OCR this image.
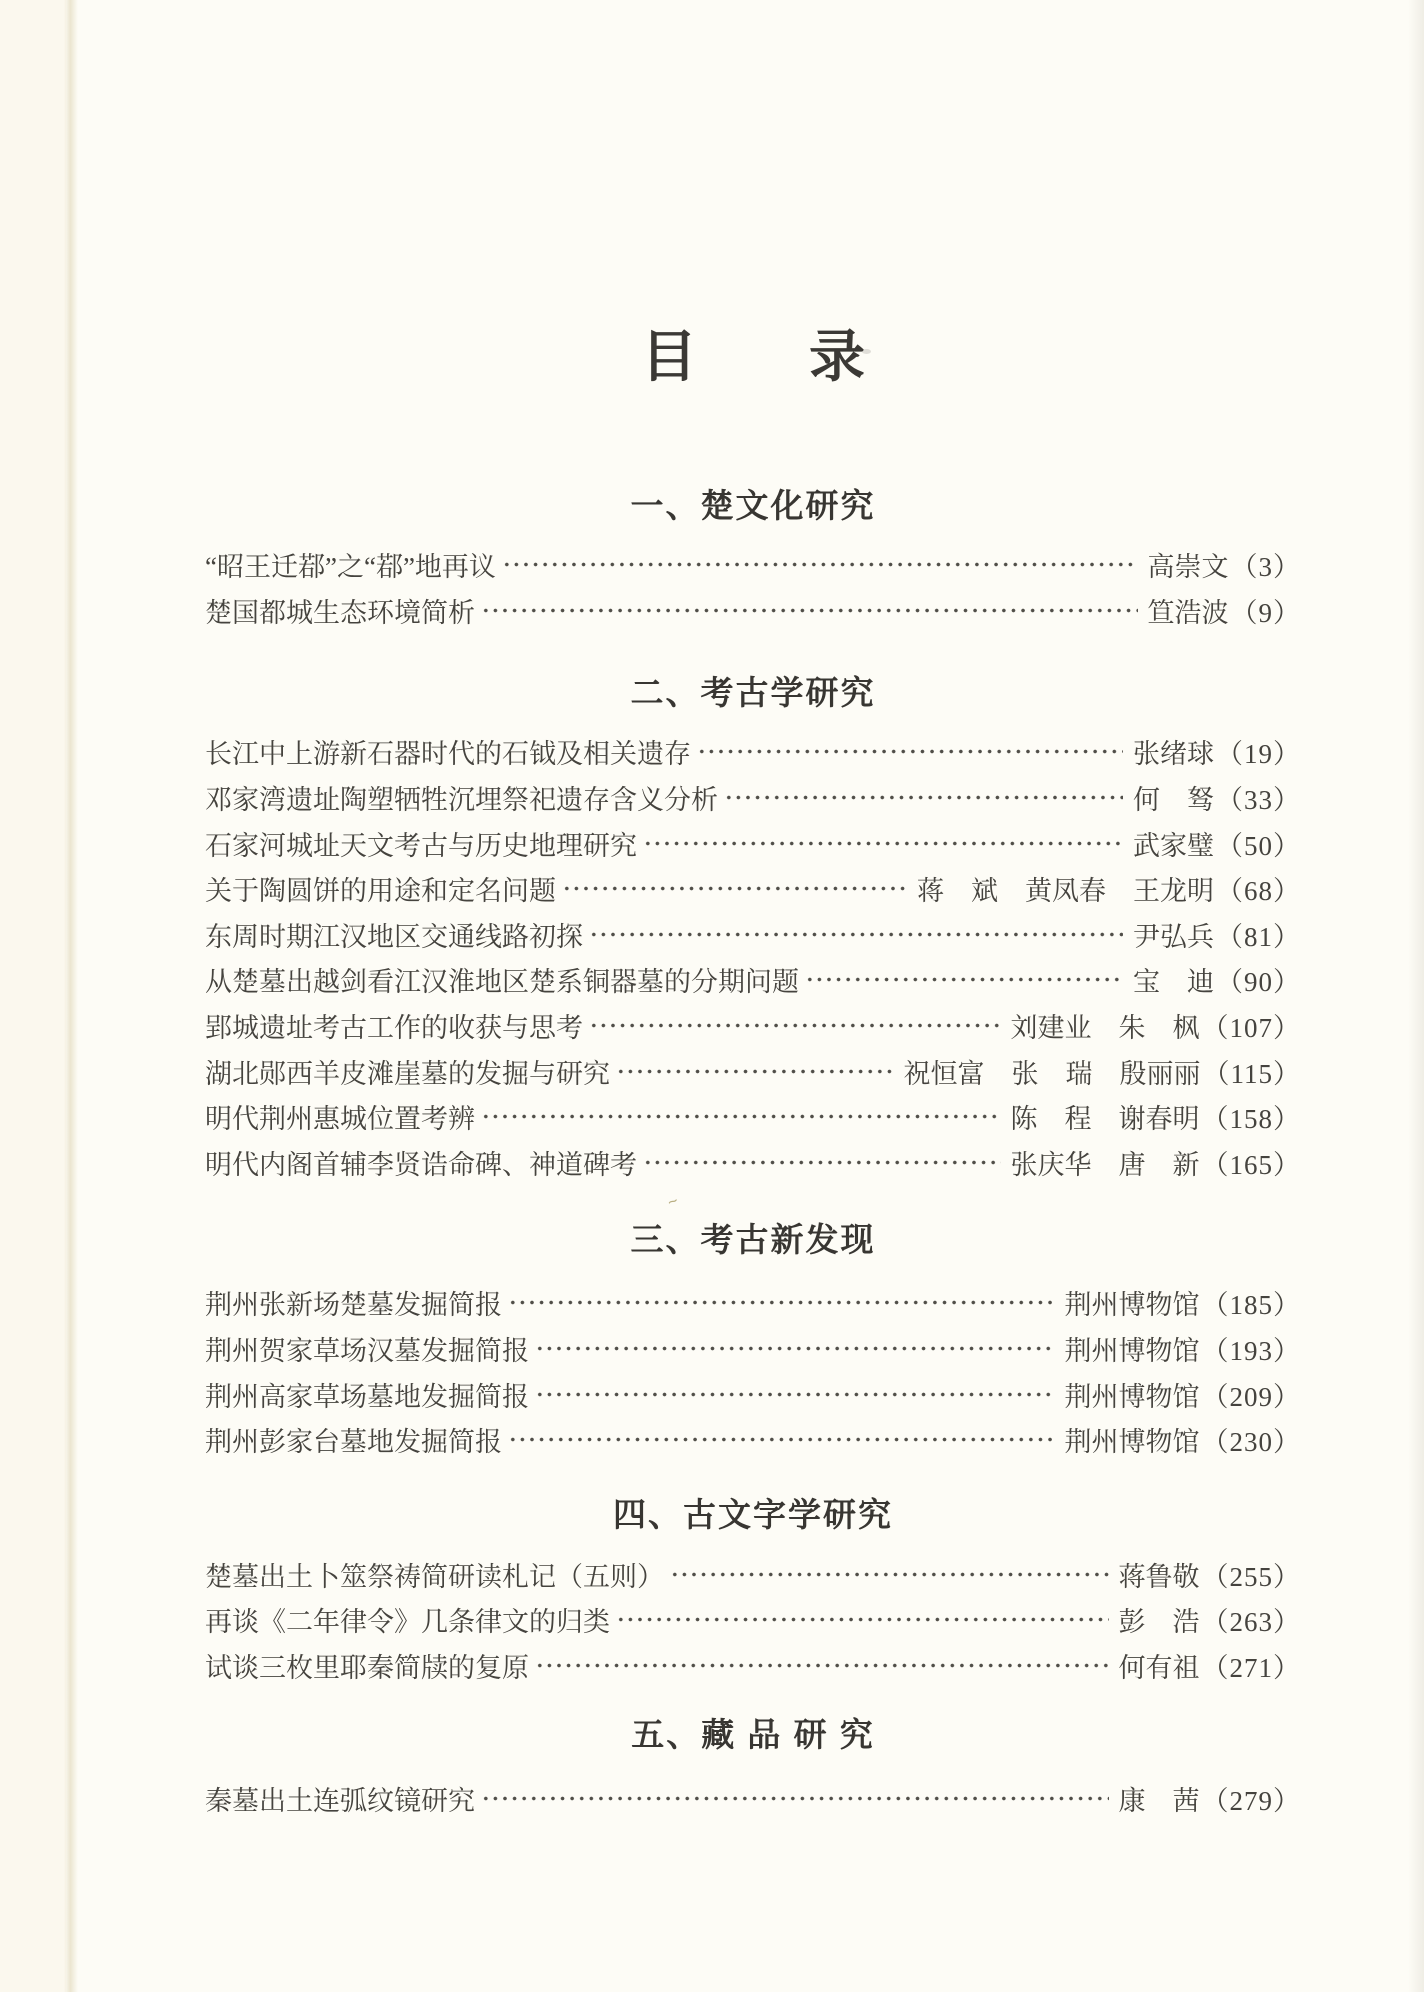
~
目　　录
一、楚文化研究
“昭王迁鄀”之“鄀”地再议	高崇文 （3）
楚国都城生态环境简析	笪浩波 （9）
二、考古学研究
长江中上游新石器时代的石钺及相关遗存	张绪球 （19）
邓家湾遗址陶塑牺牲沉埋祭祀遗存含义分析	何　驽 （33）
石家河城址天文考古与历史地理研究	武家璧 （50）
关于陶圆饼的用途和定名问题	蒋　斌　黄凤春　王龙明 （68）
东周时期江汉地区交通线路初探	尹弘兵 （81）
从楚墓出越剑看江汉淮地区楚系铜器墓的分期问题	宝　迪 （90）
郢城遗址考古工作的收获与思考	刘建业　朱　枫 （107）
湖北郧西羊皮滩崖墓的发掘与研究	祝恒富　张　瑞　殷丽丽 （115）
明代荆州惠城位置考辨	陈　程　谢春明 （158）
明代内阁首辅李贤诰命碑、神道碑考	张庆华　唐　新 （165）
三、考古新发现
荆州张新场楚墓发掘简报	荆州博物馆 （185）
荆州贺家草场汉墓发掘简报	荆州博物馆 （193）
荆州高家草场墓地发掘简报	荆州博物馆 （209）
荆州彭家台墓地发掘简报	荆州博物馆 （230）
四、古文字学研究
楚墓出土卜筮祭祷简研读札记（五则）	蒋鲁敬 （255）
再谈《二年律令》几条律文的归类	彭　浩 （263）
试谈三枚里耶秦简牍的复原	何有祖 （271）
五、藏 品 研 究
秦墓出土连弧纹镜研究	康　茜 （279）
